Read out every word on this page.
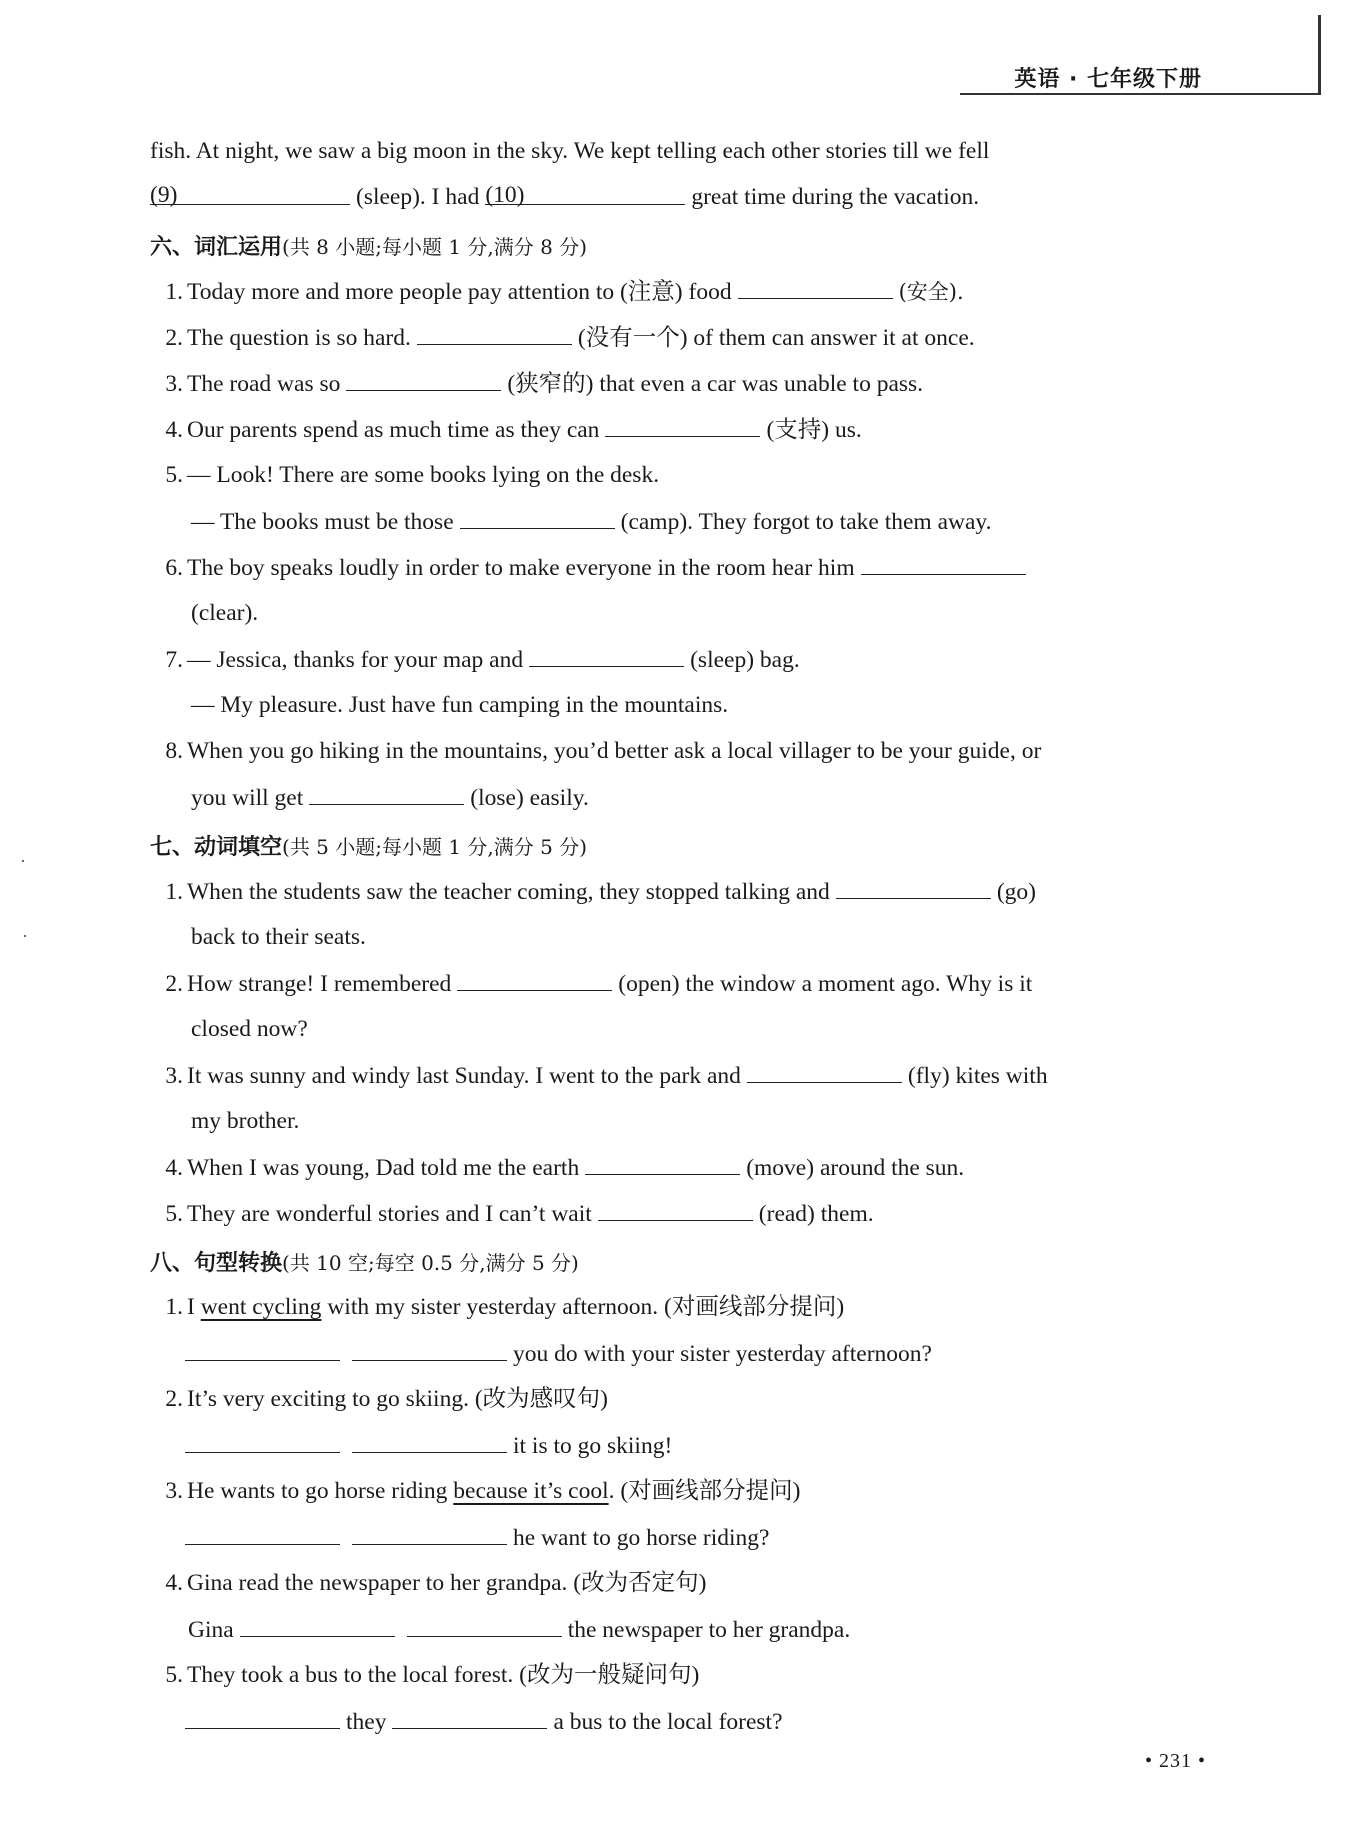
英语 · 七年级下册
fish. At night, we saw a big moon in the sky. We kept telling each other stories till we fell
(9)	(sleep). I had (10)	great time during the vacation.
六、词汇运用(共 8 小题;每小题 1 分,满分 8 分)
1. Today more and more people pay attention to (注意) food	(安全).
2. The question is so hard.	(没有一个) of them can answer it at once.
3. The road was so	(狭窄的) that even a car was unable to pass.
4. Our parents spend as much time as they can	(支持) us.
5. — Look! There are some books lying on the desk.
— The books must be those	(camp). They forgot to take them away.
6. The boy speaks loudly in order to make everyone in the room hear him
(clear).
7. — Jessica, thanks for your map and	(sleep) bag.
— My pleasure. Just have fun camping in the mountains.
8. When you go hiking in the mountains, you’d better ask a local villager to be your guide, or
you will get	(lose) easily.
七、动词填空(共 5 小题;每小题 1 分,满分 5 分)
1. When the students saw the teacher coming, they stopped talking and	(go)
back to their seats.
2. How strange! I remembered	(open) the window a moment ago. Why is it
closed now?
3. It was sunny and windy last Sunday. I went to the park and	(fly) kites with
my brother.
4. When I was young, Dad told me the earth	(move) around the sun.
5. They are wonderful stories and I can’t wait	(read) them.
八、句型转换(共 10 空;每空 0.5 分,满分 5 分)
1. I went cycling with my sister yesterday afternoon. (对画线部分提问)
you do with your sister yesterday afternoon?
2. It’s very exciting to go skiing. (改为感叹句)
it is to go skiing!
3. He wants to go horse riding because it’s cool. (对画线部分提问)
he want to go horse riding?
4. Gina read the newspaper to her grandpa. (改为否定句)
Gina	the newspaper to her grandpa.
5. They took a bus to the local forest. (改为一般疑问句)
they	a bus to the local forest?
• 231 •
